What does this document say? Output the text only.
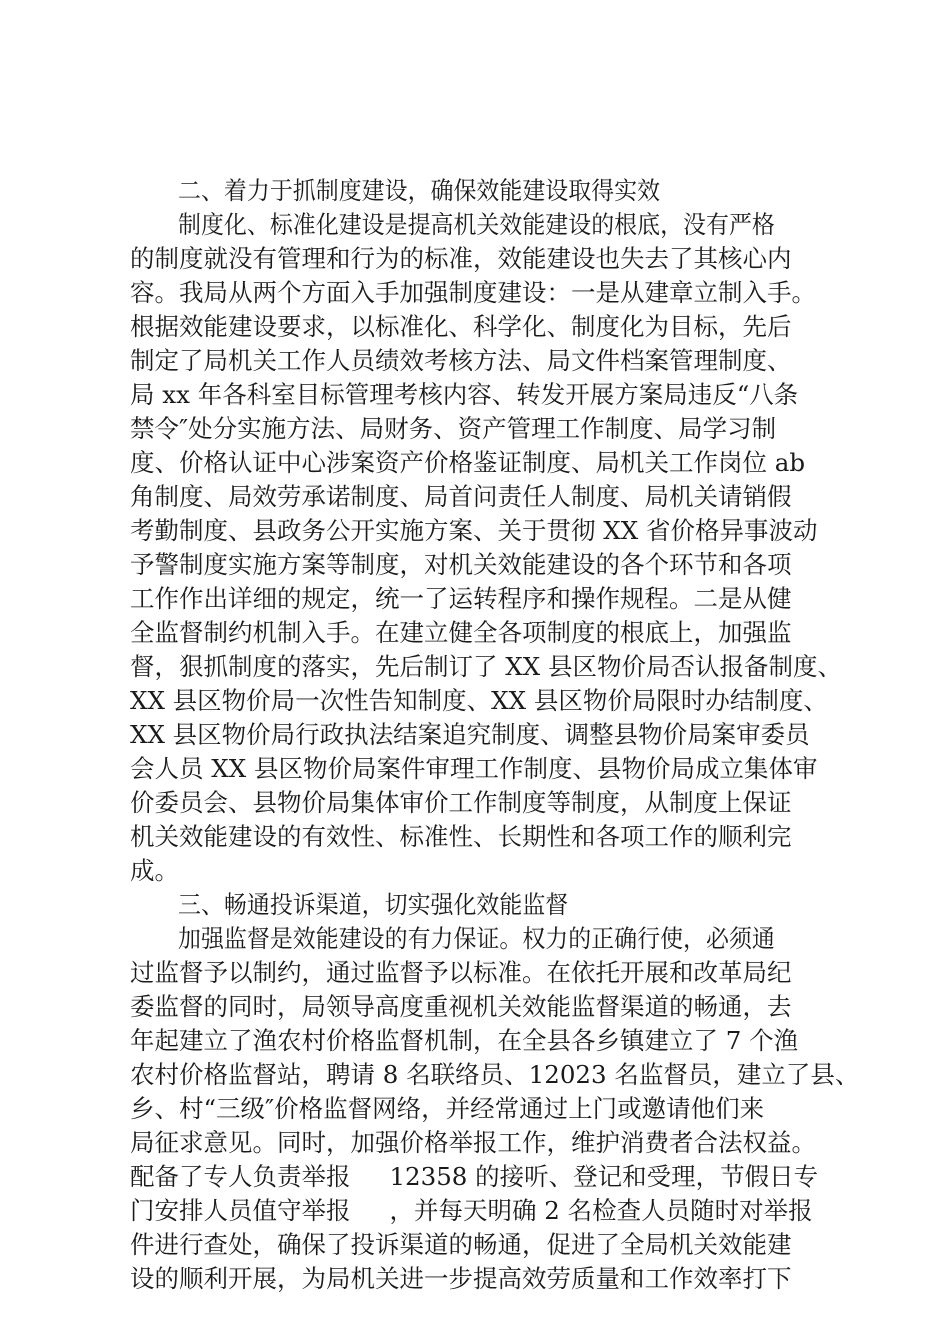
二、着力于抓制度建设，确保效能建设取得实效
制度化、标准化建设是提高机关效能建设的根底，没有严格
的制度就没有管理和行为的标准，效能建设也失去了其核心内
容。我局从两个方面入手加强制度建设：一是从建章立制入手。
根据效能建设要求，以标准化、科学化、制度化为目标，先后
制定了局机关工作人员绩效考核方法、局文件档案管理制度、
局 xx 年各科室目标管理考核内容、转发开展方案局违反“八条
禁令″处分实施方法、局财务、资产管理工作制度、局学习制
度、价格认证中心涉案资产价格鉴证制度、局机关工作岗位 ab
角制度、局效劳承诺制度、局首问责任人制度、局机关请销假
考勤制度、县政务公开实施方案、关于贯彻 XX 省价格异事波动
予警制度实施方案等制度，对机关效能建设的各个环节和各项
工作作出详细的规定，统一了运转程序和操作规程。二是从健
全监督制约机制入手。在建立健全各项制度的根底上，加强监
督，狠抓制度的落实，先后制订了 XX 县区物价局否认报备制度、
XX 县区物价局一次性告知制度、XX 县区物价局限时办结制度、
XX 县区物价局行政执法结案追究制度、调整县物价局案审委员
会人员 XX 县区物价局案件审理工作制度、县物价局成立集体审
价委员会、县物价局集体审价工作制度等制度，从制度上保证
机关效能建设的有效性、标准性、长期性和各项工作的顺利完
成。
三、畅通投诉渠道，切实强化效能监督
加强监督是效能建设的有力保证。权力的正确行使，必须通
过监督予以制约，通过监督予以标准。在依托开展和改革局纪
委监督的同时，局领导高度重视机关效能监督渠道的畅通，去
年起建立了渔农村价格监督机制，在全县各乡镇建立了 7 个渔
农村价格监督站，聘请 8 名联络员、12023 名监督员，建立了县、
乡、村“三级″价格监督网络，并经常通过上门或邀请他们来
局征求意见。同时，加强价格举报工作，维护消费者合法权益。
配备了专人负责举报     12358 的接听、登记和受理，节假日专
门安排人员值守举报     ，并每天明确 2 名检查人员随时对举报
件进行查处，确保了投诉渠道的畅通，促进了全局机关效能建
设的顺利开展，为局机关进一步提高效劳质量和工作效率打下
